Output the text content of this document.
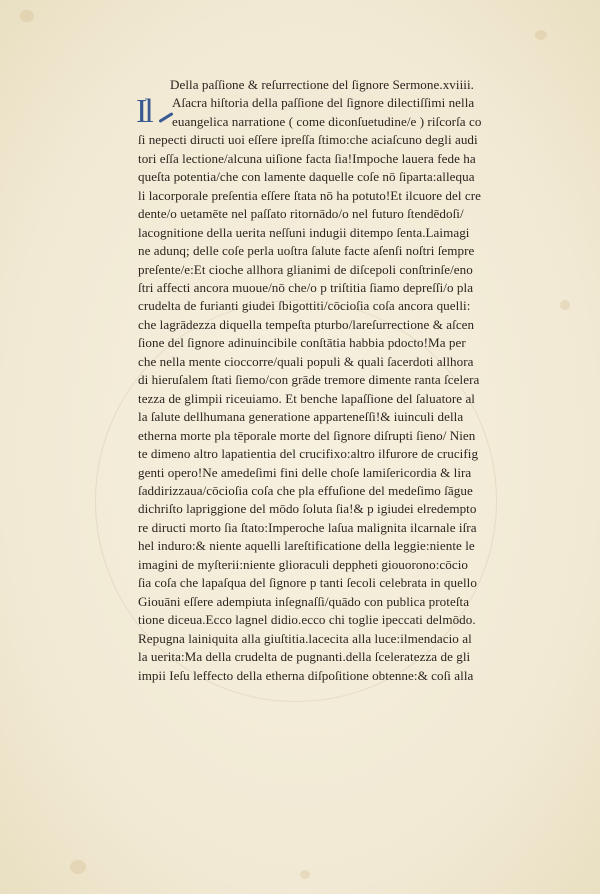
Della paſſione & reſurrectione del ſignore Sermone.xviiii.
Il	Aſacra hiſtoria della paſſione del ſignore dilectiſſimi nella
euangelica narratione ( come diconſuetudine/e ) riſcorſa co
ſi nepecti diructi uoi eſſere ipreſſa ſtimo:che aciaſcuno degli audi
tori eſſa lectione/alcuna uiſione facta ſia!Impoche lauera fede ha
queſta potentia/che con lamente daquelle coſe nō ſiparta:allequa
li lacorporale preſentia eſſere ſtata nō ha potuto!Et ilcuore del cre
dente/o uetamēte nel paſſato ritornādo/o nel futuro ſtendēdoſi/
lacognitione della uerita neſſuni indugii ditempo ſenta.Laimagi
ne adunq; delle coſe perla uoſtra ſalute facte aſenſi noſtri ſempre
preſente/e:Et cioche allhora glianimi de diſcepoli conſtrinſe/eno
ſtri affecti ancora muoue/nō che/o p triſtitia ſiamo depreſſi/o pla
crudelta de furianti giudei ſbigottiti/cōcioſia coſa ancora quelli:
che lagrādezza diquella tempeſta pturbo/lareſurrectione & aſcen
ſione del ſignore adinuincibile conſtātia habbia pdocto!Ma per
che nella mente cioccorre/quali populi & quali ſacerdoti allhora
di hieruſalem ſtati ſiemo/con grāde tremore dimente ranta ſcelera
tezza de glimpii riceuiamo. Et benche lapaſſione del ſaluatore al
la ſalute dellhumana generatione apparteneſſi!& iuinculi della
etherna morte pla tēporale morte del ſignore diſrupti ſieno/ Nien
te dimeno altro lapatientia del crucifixo:altro ilfurore de crucifig
genti opero!Ne amedeſimi fini delle choſe lamiſericordia & lira
ſaddirizzaua/cōcioſia coſa che pla effuſione del medeſimo ſāgue
dichriſto lapriggione del mōdo ſoluta ſia!& p igiudei elredempto
re diructi morto ſia ſtato:Imperoche laſua malignita ilcarnale iſra
hel induro:& niente aquelli lareſtificatione della leggie:niente le
imagini de myſterii:niente glioraculi deppheti giouorono:cōcio
ſia coſa che lapaſqua del ſignore p tanti ſecoli celebrata in quello
Giouāni eſſere adempiuta inſegnaſſi/quādo con publica proteſta
tione diceua.Ecco lagnel didio.ecco chi toglie ipeccati delmōdo.
Repugna lainiquita alla giuſtitia.lacecita alla luce:ilmendacio al
la uerita:Ma della crudelta de pugnanti.della ſceleratezza de gli
impii Ieſu leffecto della etherna diſpoſitione obtenne:& coſi alla
